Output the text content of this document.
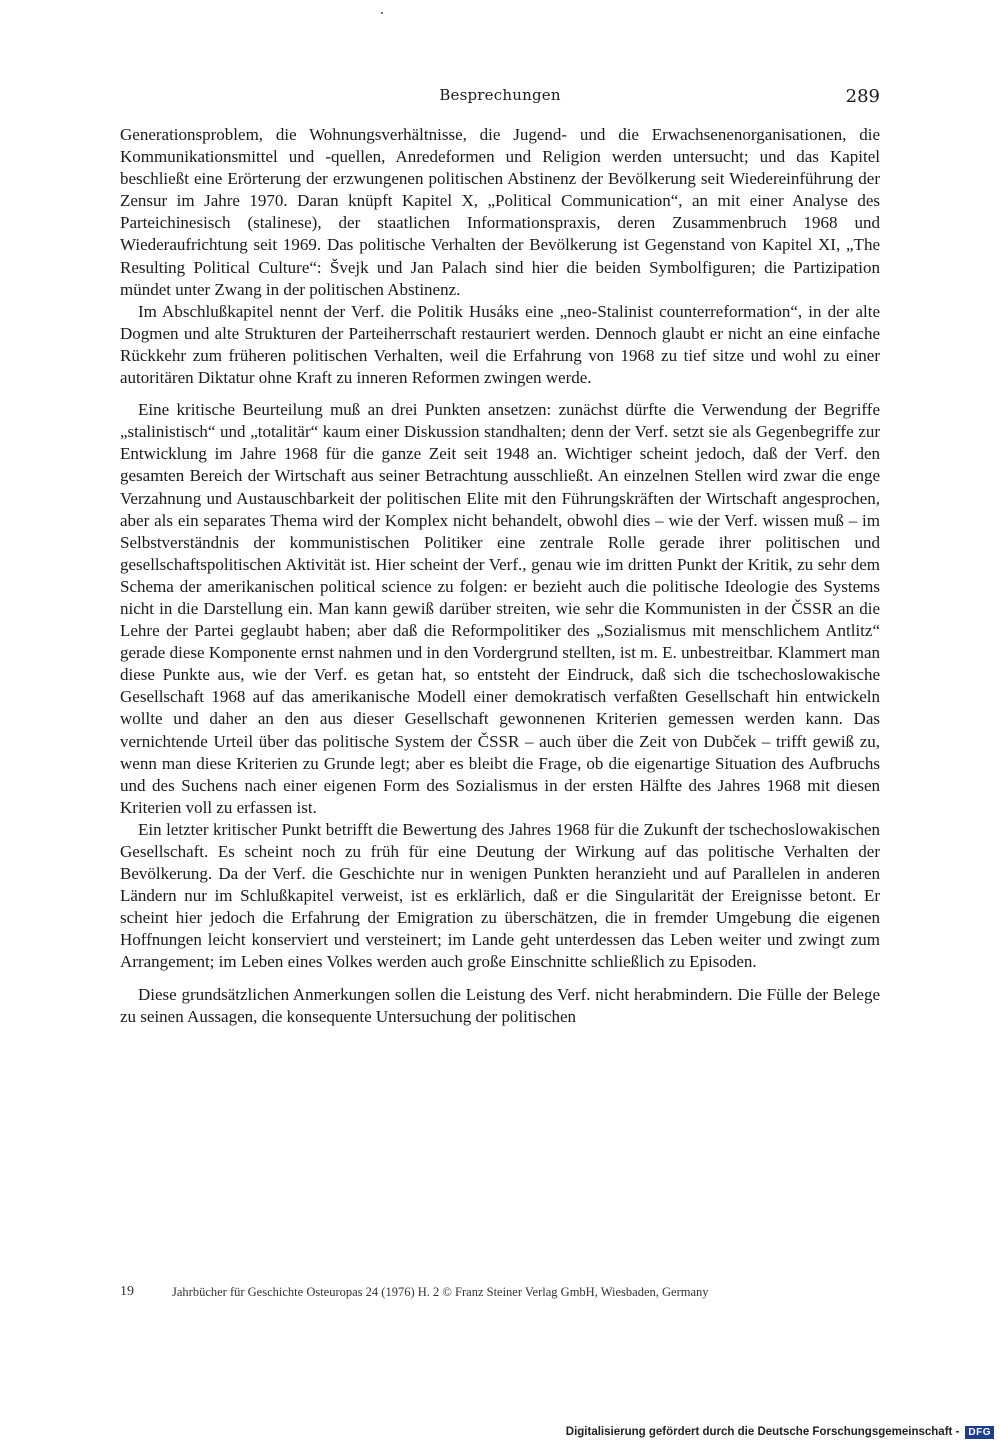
Besprechungen	289

Generationsproblem, die Wohnungsverhältnisse, die Jugend- und die Erwachsenenorganisationen, die Kommunikationsmittel und -quellen, Anredeformen und Religion werden untersucht; und das Kapitel beschließt eine Erörterung der erzwungenen politischen Abstinenz der Bevölkerung seit Wiedereinführung der Zensur im Jahre 1970. Daran knüpft Kapitel X, „Political Communication“, an mit einer Analyse des Parteichinesisch (stalinese), der staatlichen Informationspraxis, deren Zusammenbruch 1968 und Wiederaufrichtung seit 1969. Das politische Verhalten der Bevölkerung ist Gegenstand von Kapitel XI, „The Resulting Political Culture“: Švejk und Jan Palach sind hier die beiden Symbolfiguren; die Partizipation mündet unter Zwang in der politischen Abstinenz.

Im Abschlußkapitel nennt der Verf. die Politik Husáks eine „neo-Stalinist counterreformation“, in der alte Dogmen und alte Strukturen der Parteiherrschaft restauriert werden. Dennoch glaubt er nicht an eine einfache Rückkehr zum früheren politischen Verhalten, weil die Erfahrung von 1968 zu tief sitze und wohl zu einer autoritären Diktatur ohne Kraft zu inneren Reformen zwingen werde.

Eine kritische Beurteilung muß an drei Punkten ansetzen: zunächst dürfte die Verwendung der Begriffe „stalinistisch“ und „totalitär“ kaum einer Diskussion standhalten; denn der Verf. setzt sie als Gegenbegriffe zur Entwicklung im Jahre 1968 für die ganze Zeit seit 1948 an. Wichtiger scheint jedoch, daß der Verf. den gesamten Bereich der Wirtschaft aus seiner Betrachtung ausschließt. An einzelnen Stellen wird zwar die enge Verzahnung und Austauschbarkeit der politischen Elite mit den Führungskräften der Wirtschaft angesprochen, aber als ein separates Thema wird der Komplex nicht behandelt, obwohl dies – wie der Verf. wissen muß – im Selbstverständnis der kommunistischen Politiker eine zentrale Rolle gerade ihrer politischen und gesellschaftspolitischen Aktivität ist. Hier scheint der Verf., genau wie im dritten Punkt der Kritik, zu sehr dem Schema der amerikanischen political science zu folgen: er bezieht auch die politische Ideologie des Systems nicht in die Darstellung ein. Man kann gewiß darüber streiten, wie sehr die Kommunisten in der ČSSR an die Lehre der Partei geglaubt haben; aber daß die Reformpolitiker des „Sozialismus mit menschlichem Antlitz“ gerade diese Komponente ernst nahmen und in den Vordergrund stellten, ist m. E. unbestreitbar. Klammert man diese Punkte aus, wie der Verf. es getan hat, so entsteht der Eindruck, daß sich die tschechoslowakische Gesellschaft 1968 auf das amerikanische Modell einer demokratisch verfaßten Gesellschaft hin entwickeln wollte und daher an den aus dieser Gesellschaft gewonnenen Kriterien gemessen werden kann. Das vernichtende Urteil über das politische System der ČSSR – auch über die Zeit von Dubček – trifft gewiß zu, wenn man diese Kriterien zu Grunde legt; aber es bleibt die Frage, ob die eigenartige Situation des Aufbruchs und des Suchens nach einer eigenen Form des Sozialismus in der ersten Hälfte des Jahres 1968 mit diesen Kriterien voll zu erfassen ist.

Ein letzter kritischer Punkt betrifft die Bewertung des Jahres 1968 für die Zukunft der tschechoslowakischen Gesellschaft. Es scheint noch zu früh für eine Deutung der Wirkung auf das politische Verhalten der Bevölkerung. Da der Verf. die Geschichte nur in wenigen Punkten heranzieht und auf Parallelen in anderen Ländern nur im Schlußkapitel verweist, ist es erklärlich, daß er die Singularität der Ereignisse betont. Er scheint hier jedoch die Erfahrung der Emigration zu überschätzen, die in fremder Umgebung die eigenen Hoffnungen leicht konserviert und versteinert; im Lande geht unterdessen das Leben weiter und zwingt zum Arrangement; im Leben eines Volkes werden auch große Einschnitte schließlich zu Episoden.

Diese grundsätzlichen Anmerkungen sollen die Leistung des Verf. nicht herabmindern. Die Fülle der Belege zu seinen Aussagen, die konsequente Untersuchung der politischen

19	Jahrbücher für Geschichte Osteuropas 24 (1976) H. 2 © Franz Steiner Verlag GmbH, Wiesbaden, Germany
Digitalisierung gefördert durch die Deutsche Forschungsgemeinschaft - DFG
